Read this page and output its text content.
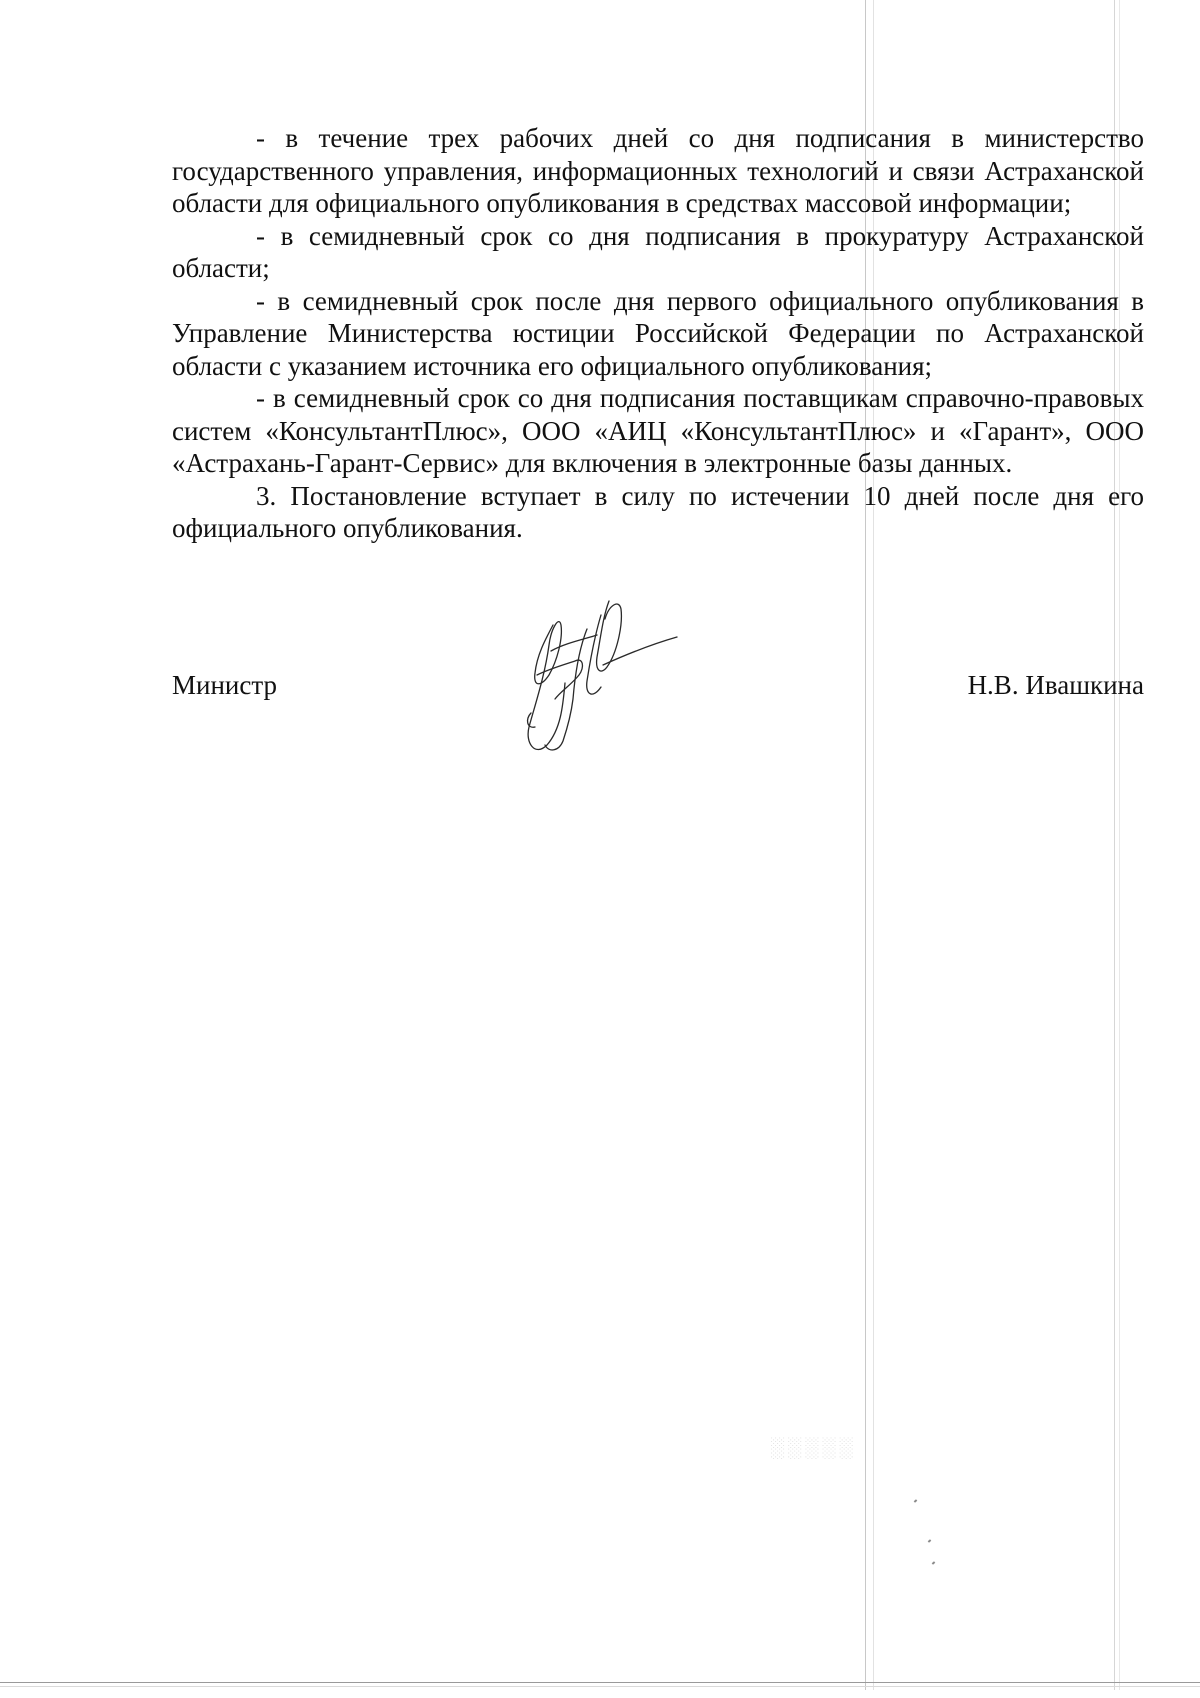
- в течение трех рабочих дней со дня подписания в министерство государственного управления, информационных технологий и связи Астраханской области для официального опубликования в средствах массовой информации;

- в семидневный срок со дня подписания в прокуратуру Астраханской области;

- в семидневный срок после дня первого официального опубликования в Управление Министерства юстиции Российской Федерации по Астраханской области с указанием источника его официального опубликования;

- в семидневный срок со дня подписания поставщикам справочно-правовых систем «КонсультантПлюс», ООО «АИЦ «КонсультантПлюс» и «Гарант», ООО «Астрахань-Гарант-Сервис» для включения в электронные базы данных.

3. Постановление вступает в силу по истечении 10 дней после дня его официального опубликования.

Министр	Н.В. Ивашкина
░░░░░
